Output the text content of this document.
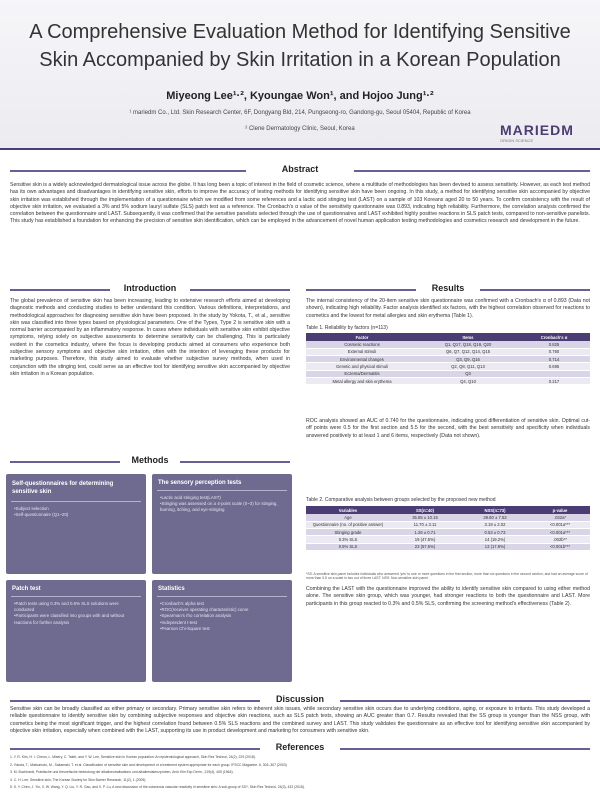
A Comprehensive Evaluation Method for Identifying Sensitive Skin Accompanied by Skin Irritation in a Korean Population
Miyeong Lee¹·², Kyoungae Won¹, and Hojoo Jung¹·²
¹ mariedm Co., Ltd. Skin Research Center, 6F, Dongyang Bld, 214, Pungseong-ro, Gandong-gu, Seoul 05404, Republic of Korea
² Clene Dermatology Clinic, Seoul, Korea	MARIEDM
ORIGIN SCIENCE
Abstract
Sensitive skin is a widely acknowledged dermatological issue across the globe. It has long been a topic of interest in the field of cosmetic science, where a multitude of methodologies has been devised to assess sensitivity. However, as each test method has its own advantages and disadvantages in identifying sensitive skin, efforts to improve the accuracy of testing methods for identifying sensitive skin have been ongoing. In this study, a method for identifying sensitive skin accompanied by objective skin irritation was established through the implementation of a questionnaire which we modified from some references and a lactic acid stinging test (LAST) on a sample of 103 Koreans aged 20 to 50 years. To confirm consistency with the result of objective skin irritation, we evaluated a 3% and 5% sodium lauryl sulfate (SLS) patch test as a reference. The Cronbach's α value of the sensitivity questionnaire was 0.893, indicating high reliability. Furthermore, the correlation analysis confirmed the correlation between the questionnaire and LAST. Subsequently, it was confirmed that the sensitive panelists selected through the use of questionnaires and LAST exhibited highly positive reactions in SLS patch tests, compared to non-sensitive panelists. This study has established a foundation for enhancing the precision of sensitive skin identification, which can be employed in the advancement of novel human application testing methodologies and cosmetics research and development in the future.
Introduction
The global prevalence of sensitive skin has been increasing, leading to extensive research efforts aimed at developing diagnostic methods and conducting studies to better understand this condition. Various definitions, interpretations, and methodological approaches for diagnosing sensitive skin have been proposed. In the study by Yokota, T., et al., sensitive skin was classified into three types based on physiological parameters. One of the Types, Type 2 is sensitive skin with a normal barrier accompanied by an inflammatory response. In cases where individuals with sensitive skin exhibit objective symptoms, relying solely on subjective assessments to determine sensitivity can be challenging. This is particularly evident in the cosmetics industry, where the focus is developing products aimed at consumers who experience both subjective sensory symptoms and objective skin irritation, often with the intention of leveraging these products for marketing purposes. Therefore, this study aimed to evaluate whether subjective survey methods, when used in conjunction with the stinging test, could serve as an effective tool for identifying sensitive skin accompanied by objective skin irritation in a Korean population.
Methods
Self-questionnaires for determining sensitive skin
• Subject selection
• Self-questionnaire (Q1~20)
The sensory perception tests
• Lactic acid stinging test(LAST)
• Stinging was assessed on a 4-point scale (0~3) for stinging, burning, itching, and eye-stinging
Patch test
• Patch tests using 0.3% and 0.5% SLS solutions were conducted
• Participants were classified into groups with and without reactions for further analysis
Statistics
• Cronbach's alpha test
• ROC(receiver operating characteristic) curve
• Spearman's rho correlation analysis
• Independent t-test
• Pearson Chi-Square test
Results
The internal consistency of the 20-item sensitive skin questionnaire was confirmed with a Cronbach's α of 0.893 (Data not shown), indicating high reliability. Factor analysis identified six factors, with the highest correlation observed for reactions to cosmetics and the lowest for metal allergies and skin erythema (Table 1).
Table 1. Reliability by factors (n=113)
Factor	Items	Cronbach's α
Cosmetic reactions	Q1, Q17, Q18, Q19, Q20	0.825
External stimuli	Q6, Q7, Q12, Q14, Q15	0.760
Environmental changes	Q3, Q9, Q16	0.714
Genetic and physical stimuli	Q2, Q8, Q11, Q13	0.695
Eczema/Dermatitis	Q3	
Metal allergy and skin erythema	Q4, Q10	0.217
ROC analysis showed an AUC of 0.740 for the questionnaire, indicating good differentiation of sensitive skin. Optimal cut-off points were 0.5 for the first section and 5.5 for the second, with the best sensitivity and specificity when individuals answered positively to at least 1 and 6 items, respectively (Data not shown).
Table 2. Comparative analysis between groups selected by the proposed new method
Variables	SS(n=40)	NSS(n=73)	p-value
Age	35.85 ± 10.15	39.60 ± 7.53	.032a*
Questionnaire (no. of positive answer)	11.70 ± 3.11	3.19 ± 2.02	<0.001a***
Stinging grade	1.26 ± 0.71	0.53 ± 0.73	<0.001a***
0.3% SLS	19 (47.5%)	14 (19.2%)	.002b**
0.5% SLS	23 (57.5%)	13 (17.8%)	<0.001b***
*SS: A sensitive skin panel includes individuals who answered 'yes' to one or more questions in the first section, more than six questions in the second section, and had an average score of more than 0.5 on a scale in two out of three LAST. NSS: Non-sensitive skin panel.
Combining the LAST with the questionnaire improved the ability to identify sensitive skin compared to using either method alone. The sensitive skin group, which was younger, had stronger reactions to both the questionnaire and LAST. More participants in this group reacted to 0.3% and 0.5% SLS, confirming the screening method's effectiveness (Table 2).
Discussion
Sensitive skin can be broadly classified as either primary or secondary. Primary sensitive skin refers to inherent skin issues, while secondary sensitive skin occurs due to underlying conditions, aging, or exposure to irritants. This study developed a reliable questionnaire to identify sensitive skin by combining subjective responses and objective skin reactions, such as SLS patch tests, showing an AUC greater than 0.7. Results revealed that the SS group is younger than the NSS group, with cosmetics being the most significant trigger, and the highest correlation found between 0.5% SLS reactions and the combined survey and LAST. This study validates the questionnaire as an effective tool for identifying sensitive skin accompanied by objective skin irritation, especially when combined with the LAST, supporting its use in product development and marketing for consumers with sensitive skin.
References
1. Y. R. Kim, H. I. Cheon, L. Misery, C. Taieb, and Y. W. Lee, Sensitive skin in Korean population: An epidemiological approach, Skin Res Technol, 24(2), 229 (2018).
2. Yokota, T., Matsumoto, M., Sakamaki, T. et al. Classification of sensitive skin and development of a treatment system appropriate for each group. IFSCC Magazine. 6, 303–307 (2003)
3. M. Buchhardt, Praktische und theoretische bedeutung der alkalineutralisations und alkaliresistenzproben, Arch Klin Exp Derm., 219(4), 405 (1964).
4. C. H. Lee, Sensitive skin, The Korean Society for Skin Barrier Research, 11(2), 1 (2009).
5. S. Y. Chen, J. Yin, X. W. Wang, Y. Q. Liu, Y. R. Gao, and X. P. Lu, A new discussion of the cutaneous vascular reactivity in sensitive skin: A sub-group of SS?, Skin Res Technol, 24(3), 432 (2018).
